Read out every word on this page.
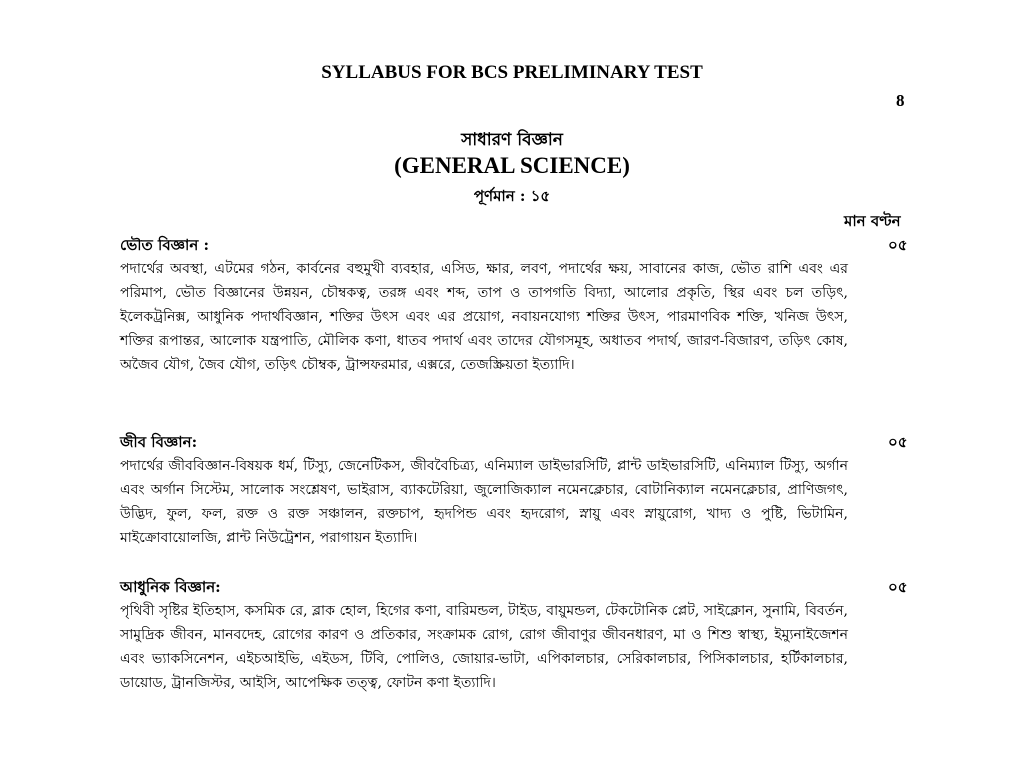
SYLLABUS FOR BCS PRELIMINARY TEST
8
সাধারণ বিজ্ঞান
(GENERAL SCIENCE)
পূর্ণমান : ১৫
মান বণ্টন

ভৌত বিজ্ঞান :

পদার্থের অবস্থা, এটমের গঠন, কার্বনের বহুমুখী ব্যবহার, এসিড, ক্ষার, লবণ, পদার্থের ক্ষয়, সাবানের কাজ, ভৌত রাশি এবং এর পরিমাপ, ভৌত বিজ্ঞানের উন্নয়ন, চৌম্বকত্ব, তরঙ্গ এবং শব্দ, তাপ ও তাপগতি বিদ্যা, আলোর প্রকৃতি, স্থির এবং চল তড়িৎ, ইলেকট্রনিক্স, আধুনিক পদার্থবিজ্ঞান, শক্তির উৎস এবং এর প্রয়োগ, নবায়নযোগ্য শক্তির উৎস, পারমাণবিক শক্তি, খনিজ উৎস, শক্তির রূপান্তর, আলোক যন্ত্রপাতি, মৌলিক কণা, ধাতব পদার্থ এবং তাদের যৌগসমূহ, অধাতব পদার্থ, জারণ-বিজারণ, তড়িৎ কোষ, অজৈব যৌগ, জৈব যৌগ, তড়িৎ চৌম্বক, ট্রান্সফরমার, এক্সরে, তেজস্ক্রিয়তা ইত্যাদি।

০৫

জীব বিজ্ঞান:

পদার্থের জীববিজ্ঞান-বিষয়ক ধর্ম, টিস্যু, জেনেটিকস, জীববৈচিত্র্য, এনিম্যাল ডাইভারসিটি, প্লান্ট ডাইভারসিটি, এনিম্যাল টিস্যু, অর্গান এবং অর্গান সিস্টেম, সালোক সংশ্লেষণ, ভাইরাস, ব্যাকটেরিয়া, জুলোজিক্যাল নমেনক্লেচার, বোটানিক্যাল নমেনক্লেচার, প্রাণিজগৎ, উদ্ভিদ, ফুল, ফল, রক্ত ও রক্ত সঞ্চালন, রক্তচাপ, হৃদপিন্ড এবং হৃদরোগ, স্নায়ু এবং স্নায়ুরোগ, খাদ্য ও পুষ্টি, ভিটামিন, মাইক্রোবায়োলজি, প্লান্ট নিউট্রেশন, পরাগায়ন ইত্যাদি।

০৫

আধুনিক বিজ্ঞান:

পৃথিবী সৃষ্টির ইতিহাস, কসমিক রে, ব্লাক হোল, হিগের কণা, বারিমন্ডল, টাইড, বায়ুমন্ডল, টেকটোনিক প্লেট, সাইক্লোন, সুনামি, বিবর্তন, সামুদ্রিক জীবন, মানবদেহ, রোগের কারণ ও প্রতিকার, সংক্রামক রোগ, রোগ জীবাণুর জীবনধারণ, মা ও শিশু স্বাস্থ্য, ইম্যুনাইজেশন এবং ভ্যাকসিনেশন, এইচআইভি, এইডস, টিবি, পোলিও, জোয়ার-ভাটা, এপিকালচার, সেরিকালচার, পিসিকালচার, হর্টিকালচার, ডায়োড, ট্রানজিস্টর, আইসি, আপেক্ষিক তত্ত্ব, ফোটন কণা ইত্যাদি।

০৫
